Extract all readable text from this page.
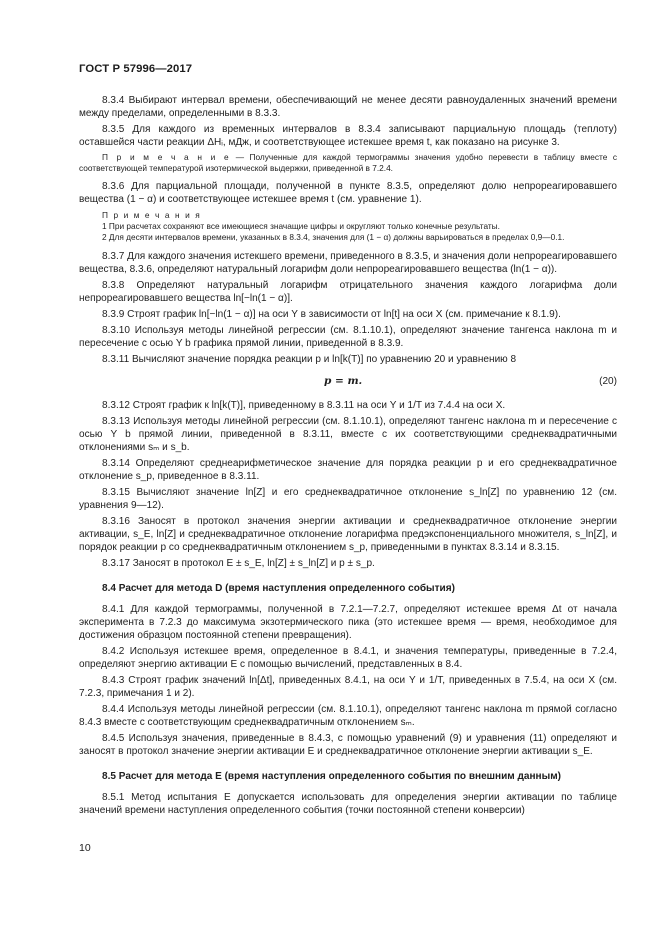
ГОСТ Р 57996—2017

8.3.4 Выбирают интервал времени, обеспечивающий не менее десяти равноудаленных значений времени между пределами, определенными в 8.3.3.

8.3.5 Для каждого из временных интервалов в 8.3.4 записывают парциальную площадь (теплоту) оставшейся части реакции ΔHᵢ, мДж, и соответствующее истекшее время t, как показано на рисунке 3.

П р и м е ч а н и е — Полученные для каждой термограммы значения удобно перевести в таблицу вместе с соответствующей температурой изотермической выдержки, приведенной в 7.2.4.

8.3.6 Для парциальной площади, полученной в пункте 8.3.5, определяют долю непрореагировавшего вещества (1 − α) и соответствующее истекшее время t (см. уравнение 1).

П р и м е ч а н и я

1 При расчетах сохраняют все имеющиеся значащие цифры и округляют только конечные результаты.

2 Для десяти интервалов времени, указанных в 8.3.4, значения для (1 − α) должны варьироваться в пределах 0,9—0.1.

8.3.7 Для каждого значения истекшего времени, приведенного в 8.3.5, и значения доли непрореагировавшего вещества, 8.3.6, определяют натуральный логарифм доли непрореагировавшего вещества (ln(1 − α)).

8.3.8 Определяют натуральный логарифм отрицательного значения каждого логарифма доли непрореагировавшего вещества ln[−ln(1 − α)].

8.3.9 Строят график ln[−ln(1 − α)] на оси Y в зависимости от ln[t] на оси X (см. примечание к 8.1.9).

8.3.10 Используя методы линейной регрессии (см. 8.1.10.1), определяют значение тангенса наклона m и пересечение с осью Y b графика прямой линии, приведенной в 8.3.9.

8.3.11 Вычисляют значение порядка реакции p и ln[k(T)] по уравнению 20 и уравнению 8

p = m.	(20)

8.3.12 Строят график к ln[k(T)], приведенному в 8.3.11 на оси Y и 1/T из 7.4.4 на оси X.

8.3.13 Используя методы линейной регрессии (см. 8.1.10.1), определяют тангенс наклона m и пересечение с осью Y b прямой линии, приведенной в 8.3.11, вместе с их соответствующими среднеквадратичными отклонениями sₘ и s_b.

8.3.14 Определяют среднеарифметическое значение для порядка реакции p и его среднеквадратичное отклонение s_p, приведенное в 8.3.11.

8.3.15 Вычисляют значение ln[Z] и его среднеквадратичное отклонение s_ln[Z] по уравнению 12 (см. уравнения 9—12).

8.3.16 Заносят в протокол значения энергии активации и среднеквадратичное отклонение энергии активации, s_E, ln[Z] и среднеквадратичное отклонение логарифма предэкспоненциального множителя, s_ln[Z], и порядок реакции p со среднеквадратичным отклонением s_p, приведенными в пунктах 8.3.14 и 8.3.15.

8.3.17 Заносят в протокол E ± s_E, ln[Z] ± s_ln[Z] и p ± s_p.

8.4 Расчет для метода D (время наступления определенного события)

8.4.1 Для каждой термограммы, полученной в 7.2.1—7.2.7, определяют истекшее время Δt от начала эксперимента в 7.2.3 до максимума экзотермического пика (это истекшее время — время, необходимое для достижения образцом постоянной степени превращения).

8.4.2 Используя истекшее время, определенное в 8.4.1, и значения температуры, приведенные в 7.2.4, определяют энергию активации E с помощью вычислений, представленных в 8.4.

8.4.3 Строят график значений ln[Δt], приведенных 8.4.1, на оси Y и 1/T, приведенных в 7.5.4, на оси X (см. 7.2.3, примечания 1 и 2).

8.4.4 Используя методы линейной регрессии (см. 8.1.10.1), определяют тангенс наклона m прямой согласно 8.4.3 вместе с соответствующим среднеквадратичным отклонением sₘ.

8.4.5 Используя значения, приведенные в 8.4.3, с помощью уравнений (9) и уравнения (11) определяют и заносят в протокол значение энергии активации E и среднеквадратичное отклонение энергии активации s_E.

8.5 Расчет для метода E (время наступления определенного события по внешним данным)

8.5.1 Метод испытания E допускается использовать для определения энергии активации по таблице значений времени наступления определенного события (точки постоянной степени конверсии)

10
